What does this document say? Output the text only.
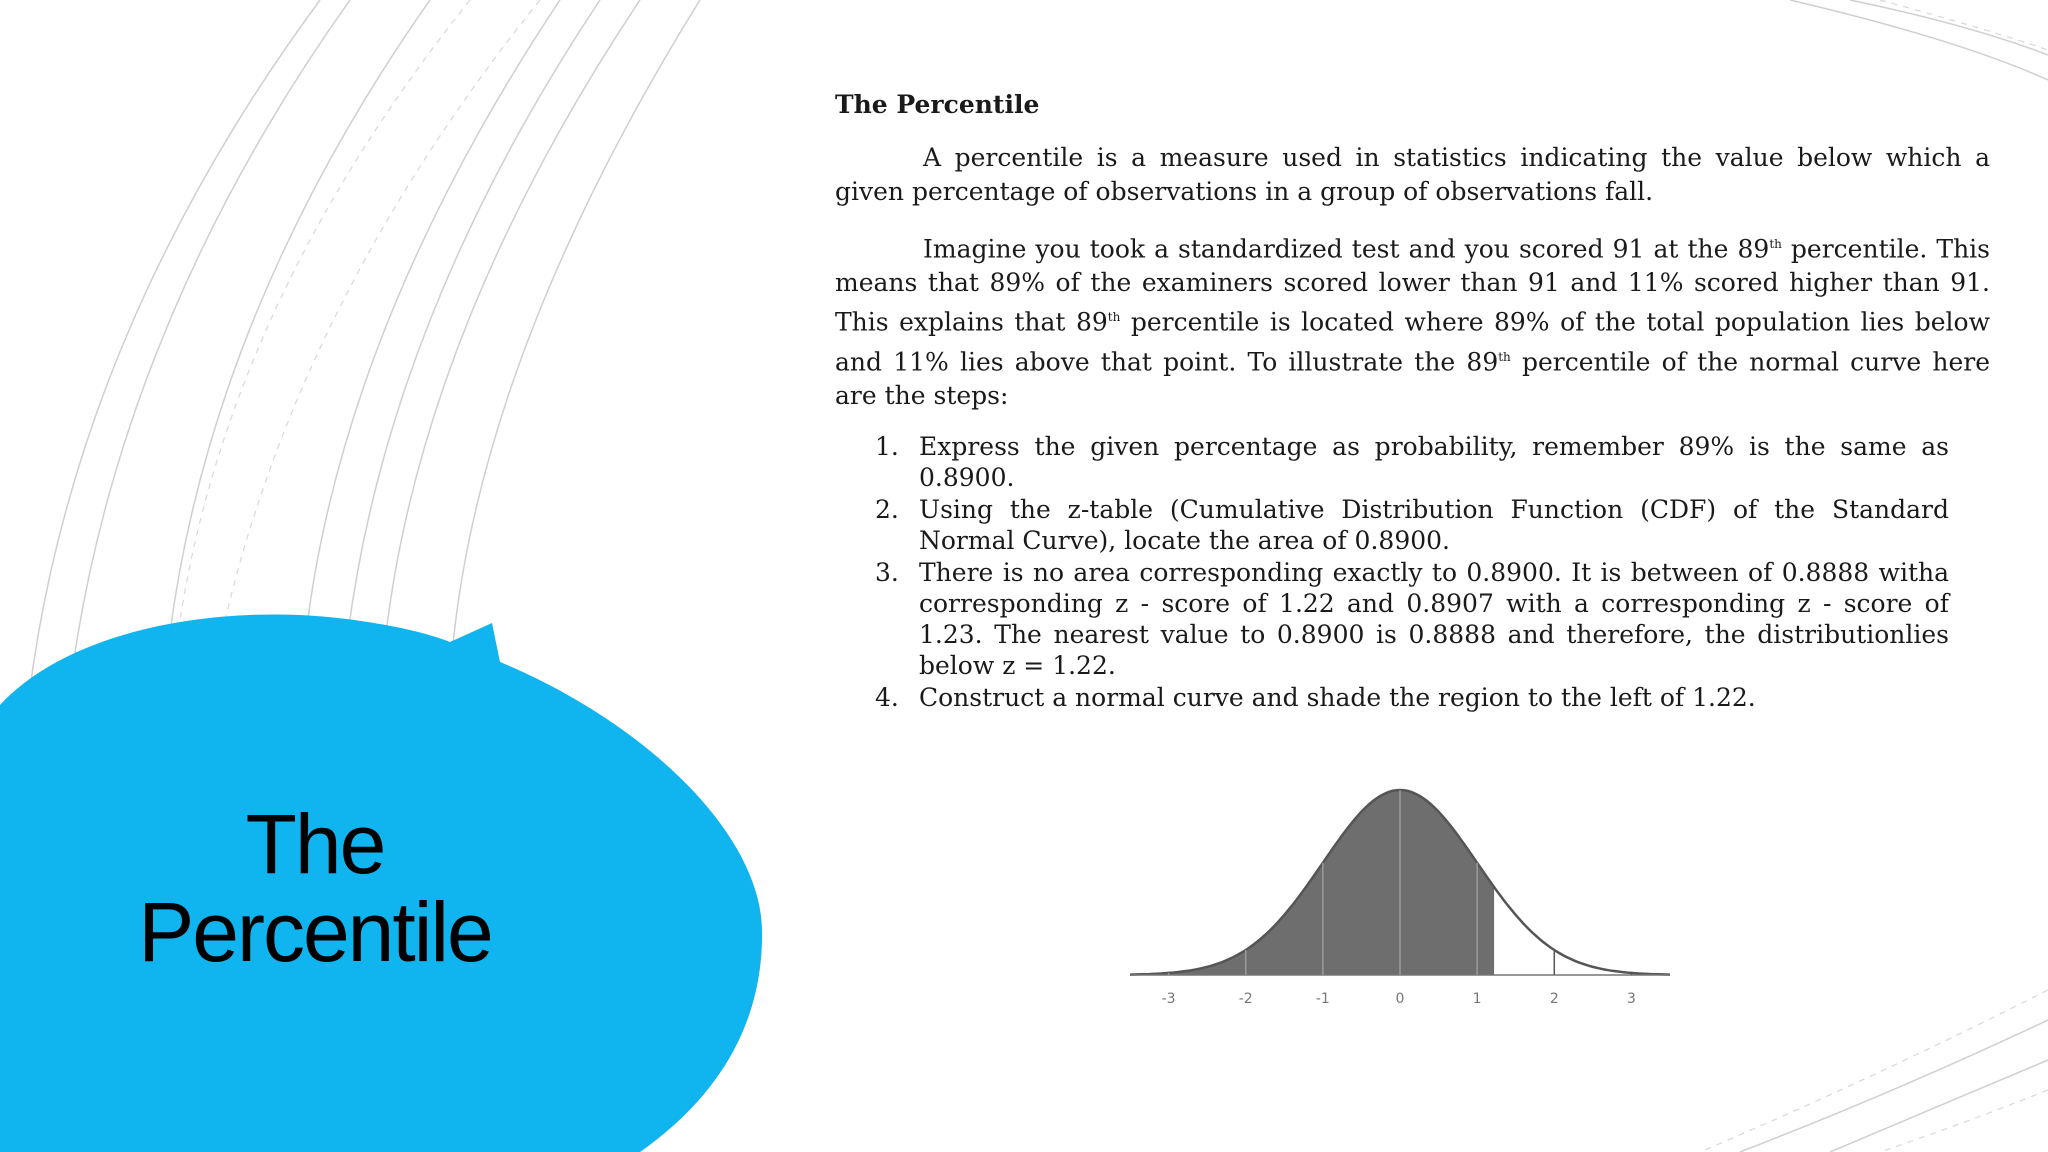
The
Percentile
The Percentile

A percentile is a measure used in statistics indicating the value below which a given percentage of observations in a group of observations fall.

Imagine you took a standardized test and you scored 91 at the 89th percentile. This means that 89% of the examiners scored lower than 91 and 11% scored higher than 91. This explains that 89th percentile is located where 89% of the total population lies below and 11% lies above that point. To illustrate the 89th percentile of the normal curve here are the steps:

1. Express the given percentage as probability, remember 89% is the same as 0.8900.
2. Using the z-table (Cumulative Distribution Function (CDF) of the Standard Normal Curve), locate the area of 0.8900.
3. There is no area corresponding exactly to 0.8900. It is between of 0.8888 witha corresponding z - score of 1.22 and 0.8907 with a corresponding z - score of 1.23. The nearest value to 0.8900 is 0.8888 and therefore, the distributionlies below z = 1.22.
4. Construct a normal curve and shade the region to the left of 1.22.
-3	-2	-1	0	1	2	3
